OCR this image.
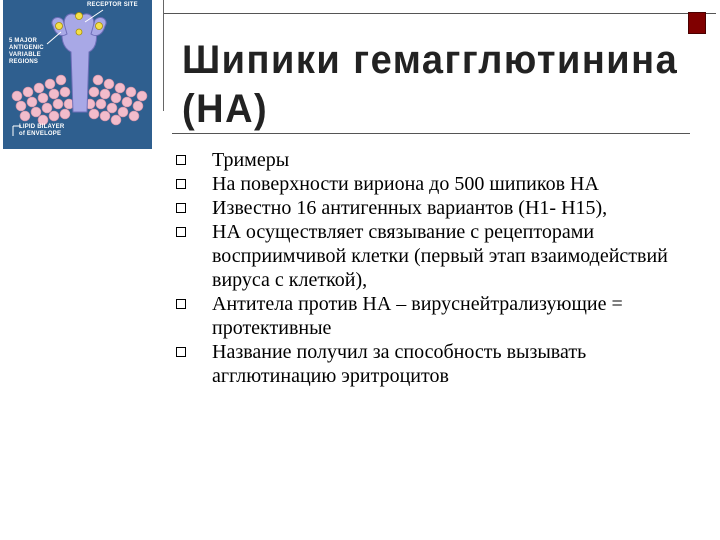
RECEPTOR SITE
5 MAJOR
ANTIGENIC
VARIABLE
REGIONS
LIPID BILAYER
of ENVELOPE
Шипики гемагглютинина (НА)
Тримеры
На поверхности вириона до 500 шипиков НА
Известно 16 антигенных вариантов (Н1- Н15),
НА осуществляет связывание с рецепторами восприимчивой клетки (первый этап взаимодействий вируса с клеткой),
Антитела против НА – вируснейтрализующие = протективные
Название получил за способность вызывать агглютинацию эритроцитов
